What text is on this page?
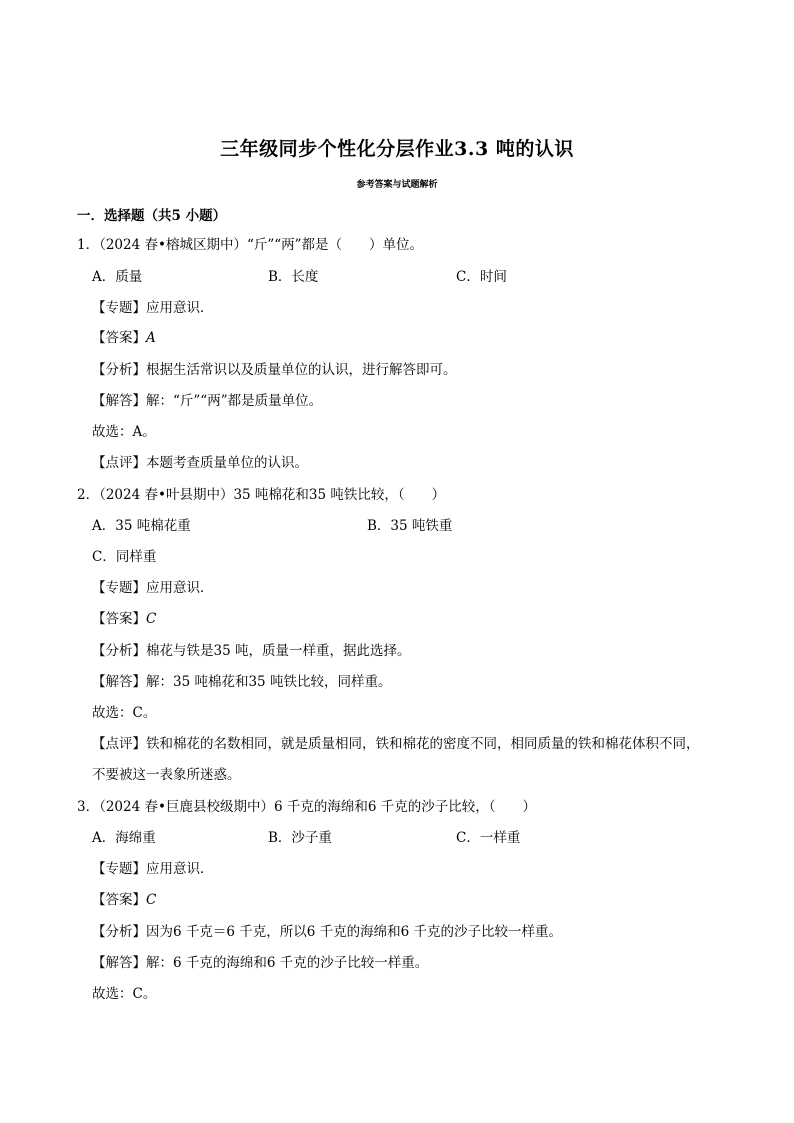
三年级同步个性化分层作业3.3 吨的认识
参考答案与试题解析
一．选择题（共5 小题）
1．（2024 春•榕城区期中）“斤”“两”都是（　　）单位。
A．质量	B．长度	C．时间
【专题】应用意识．
【答案】A
【分析】根据生活常识以及质量单位的认识，进行解答即可。
【解答】解：“斤”“两”都是质量单位。
故选：A。
【点评】本题考查质量单位的认识。
2．（2024 春•叶县期中）35 吨棉花和35 吨铁比较，（　　）
A．35 吨棉花重	B．35 吨铁重
C．同样重
【专题】应用意识．
【答案】C
【分析】棉花与铁是35 吨，质量一样重，据此选择。
【解答】解：35 吨棉花和35 吨铁比较，同样重。
故选：C。
【点评】铁和棉花的名数相同，就是质量相同，铁和棉花的密度不同，相同质量的铁和棉花体积不同，
不要被这一表象所迷惑。
3．（2024 春•巨鹿县校级期中）6 千克的海绵和6 千克的沙子比较，（　　）
A．海绵重	B．沙子重	C．一样重
【专题】应用意识．
【答案】C
【分析】因为6 千克＝6 千克，所以6 千克的海绵和6 千克的沙子比较一样重。
【解答】解：6 千克的海绵和6 千克的沙子比较一样重。
故选：C。
